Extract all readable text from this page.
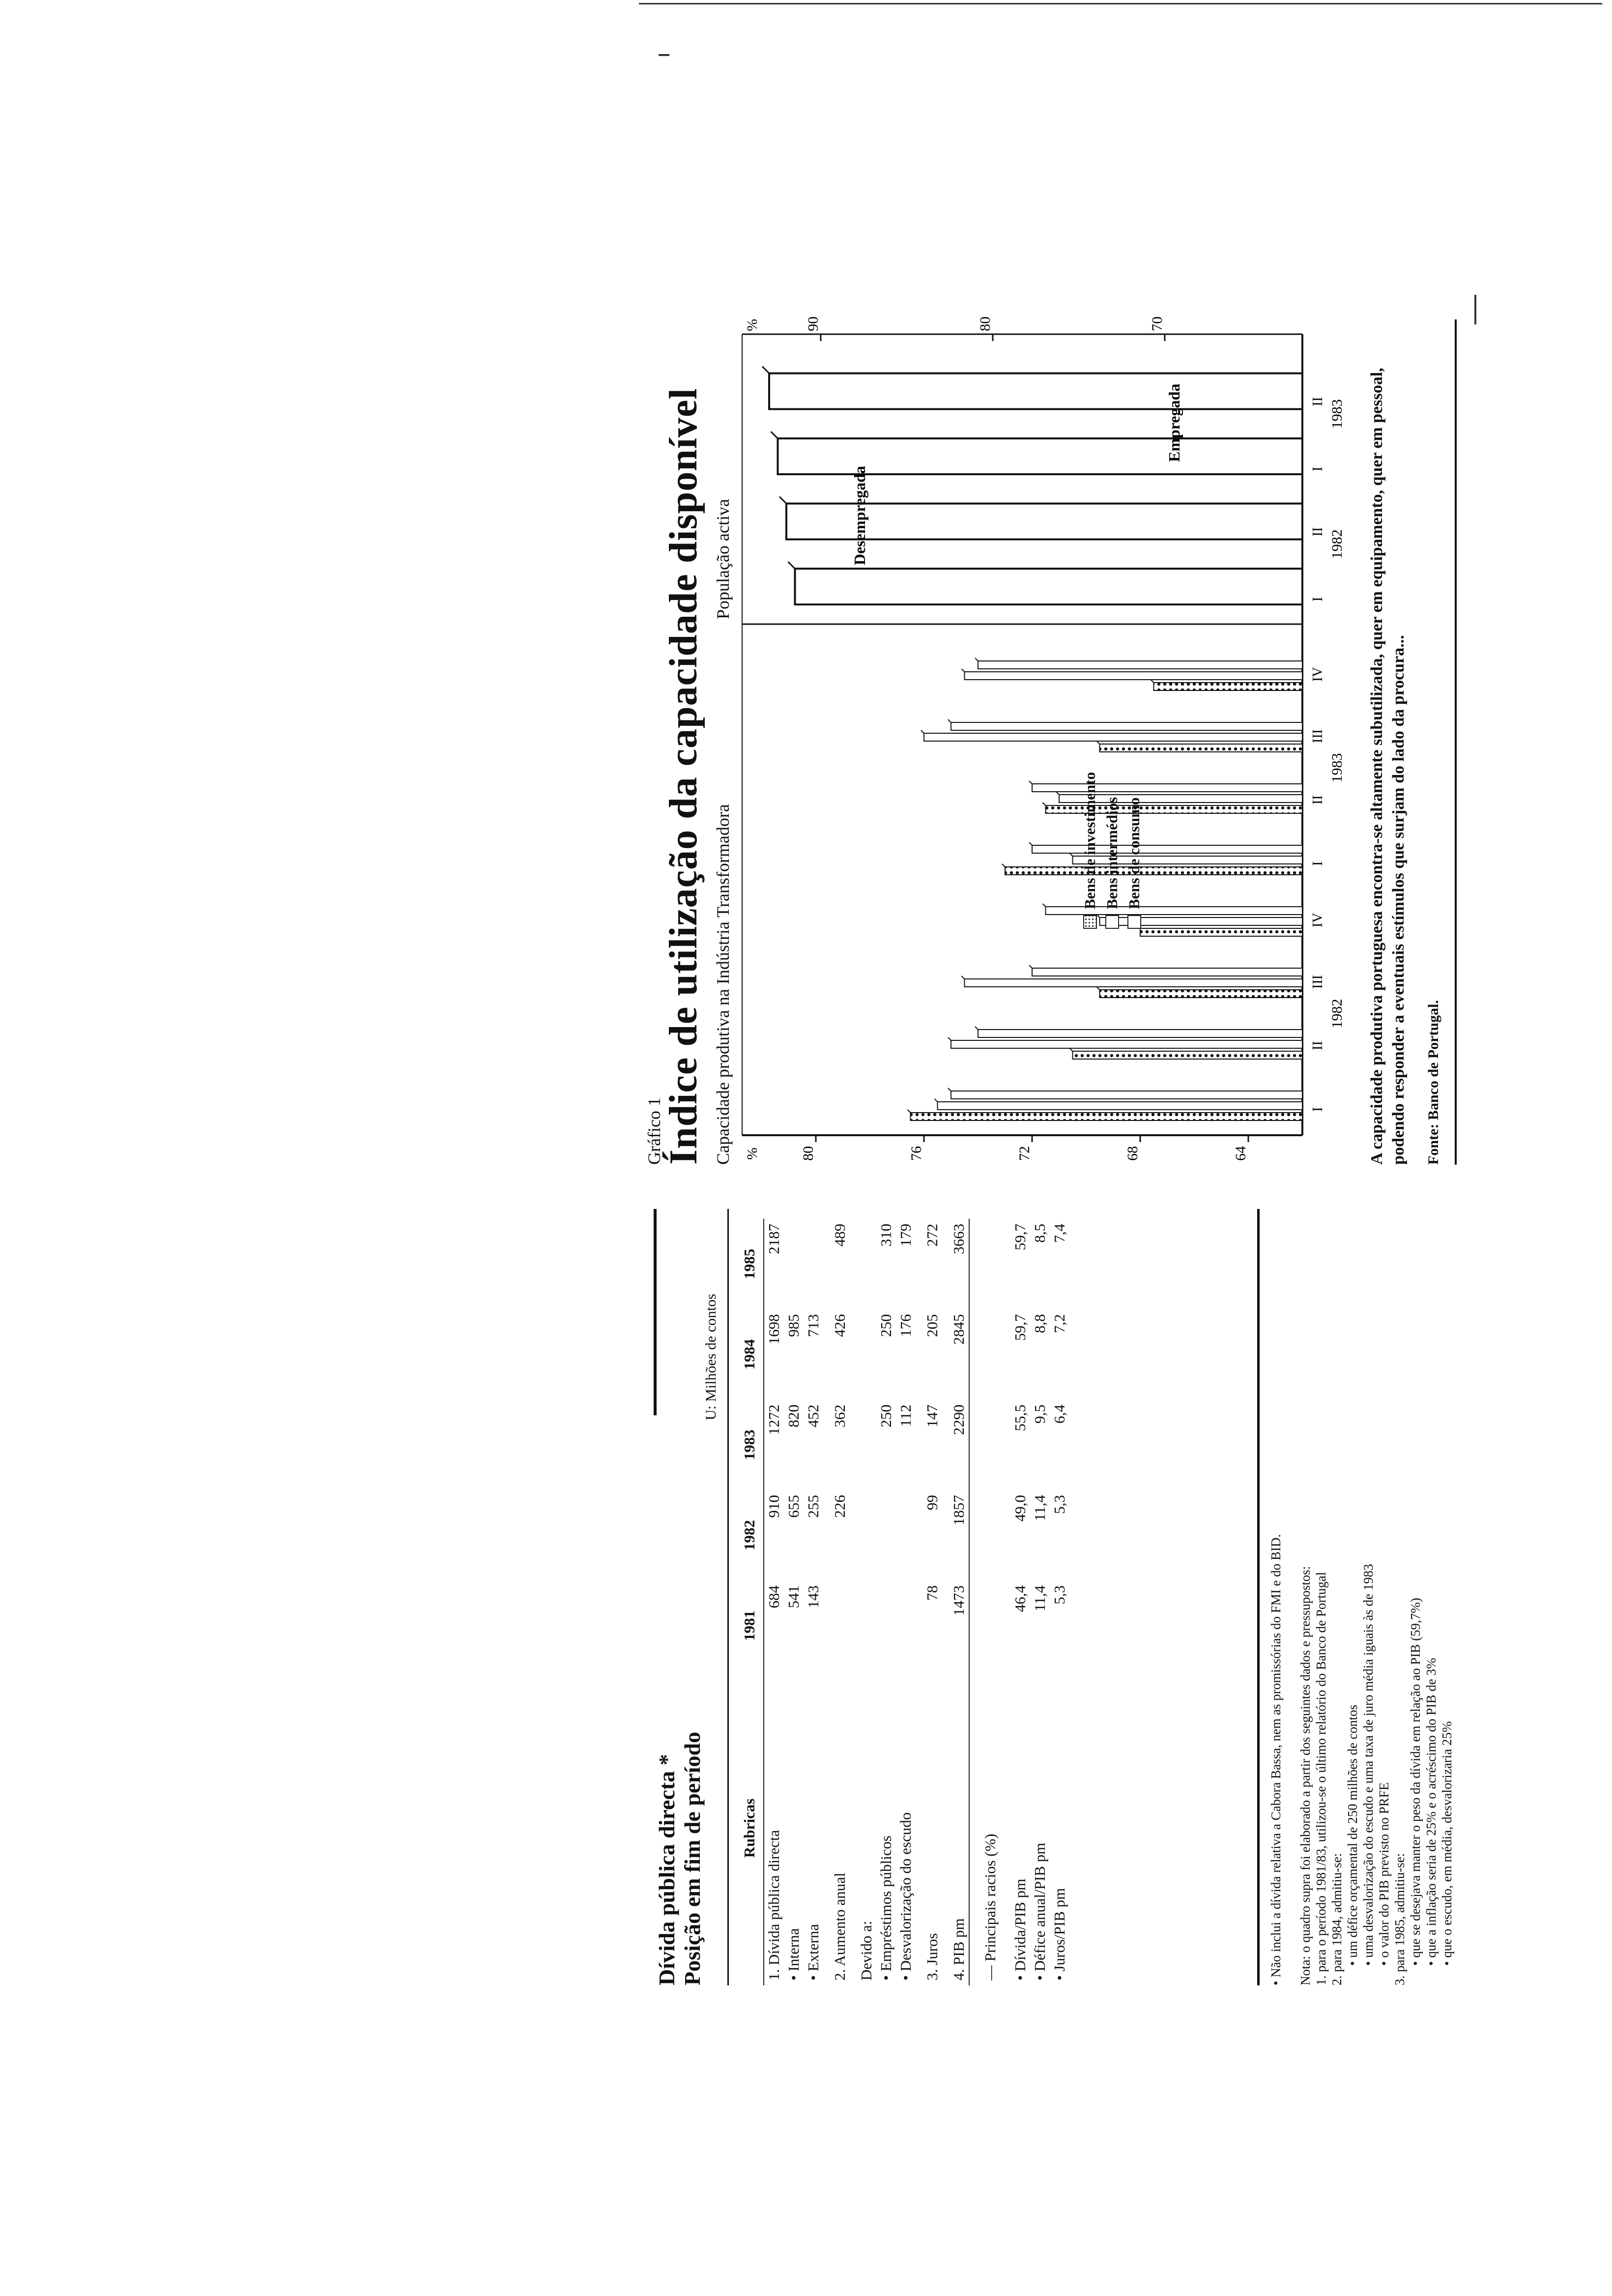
Dívida pública directa * Posição em fim de período
U: Milhões de contos
Rubricas	1981	1982	1983	1984	1985
1. Dívida pública directa	684	910	1272	1698	2187
• Interna	541	655	820	985	
• Externa	143	255	452	713	
2. Aumento anual		226	362	426	489
Devido a:					
• Empréstimos públicos			250	250	310
• Desvalorização do escudo			112	176	179
3. Juros	78	99	147	205	272
4. PIB pm	1473	1857	2290	2845	3663
— Principais racios (%)					
• Dívida/PIB pm	46,4	49,0	55,5	59,7	59,7
• Défice anual/PIB pm	11,4	11,4	9,5	8,8	8,5
• Juros/PIB pm	5,3	5,3	6,4	7,2	7,4
• Não inclui a dívida relativa a Cabora Bassa, nem as promissórias do FMI e do BID. Nota: o quadro supra foi elaborado a partir dos seguintes dados e pressupostos: 1. para o período 1981/83, utilizou-se o último relatório do Banco de Portugal 2. para 1984, admitiu-se: • um défice orçamental de 250 milhões de contos • uma desvalorização do escudo e uma taxa de juro média iguais às de 1983 • o valor do PIB previsto no PRFE 3. para 1985, admitiu-se: • que se desejava manter o peso da dívida em relação ao PIB (59,7%) • que a inflação seria de 25% e o acréscimo do PIB de 3% • que o escudo, em média, desvalorizaria 25%
Gráfico 1
Índice de utilização da capacidade disponível Capacidade produtiva na Indústria Transformadora
População activa
%	64
68
72
76
80
I
II
III
IV
I
II
III
IV
1982
1983
70
80
90
%
I
II
I
II
1982
1983
Desempregada
Empregada
Bens de investimento Bens intermédios Bens de consumo	A capacidade produtiva portuguesa encontra-se altamente subutilizada, quer em equipamento, quer em pessoal, podendo responder a eventuais estímulos que surjam do lado da procura... Fonte: Banco de Portugal.
